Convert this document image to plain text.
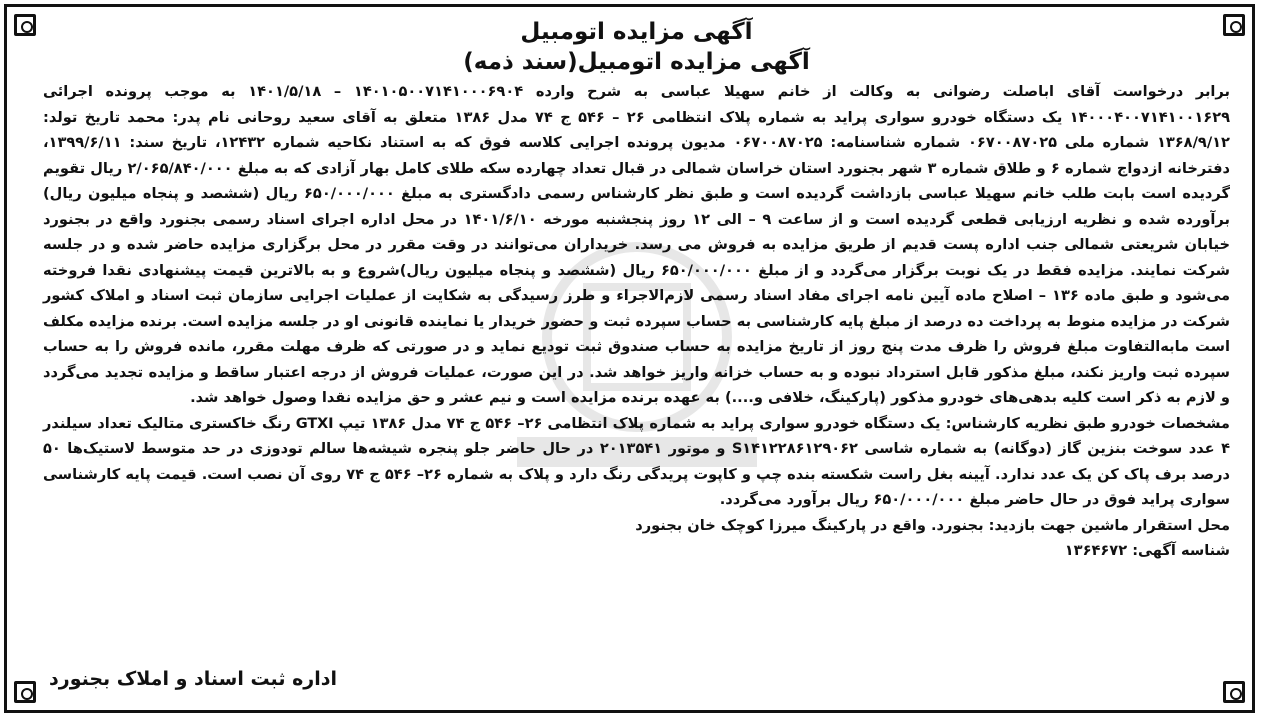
آگهی مزایده اتومبیل
آگهی مزایده اتومبیل(سند ذمه)

برابر درخواست آقای اباصلت رضوانی به وکالت از خانم سهیلا عباسی به شرح وارده ۱۴۰۱۰۵۰۰۷۱۴۱۰۰۰۶۹۰۴ – ۱۴۰۱/۵/۱۸ به موجب پرونده اجرائی ۱۴۰۰۰۴۰۰۷۱۴۱۰۰۱۶۲۹ یک دستگاه خودرو سواری پراید به شماره پلاک انتظامی ۲۶ – ۵۴۶ ج ۷۴ مدل ۱۳۸۶ متعلق به آقای سعید روحانی نام پدر: محمد تاریخ تولد: ۱۳۶۸/۹/۱۲ شماره ملی ۰۶۷۰۰۸۷۰۲۵ شماره شناسنامه: ۰۶۷۰۰۸۷۰۲۵ مدیون پرونده اجرایی کلاسه فوق که به استناد نکاحیه شماره ۱۲۴۳۲، تاریخ سند: ۱۳۹۹/۶/۱۱، دفترخانه ازدواج شماره ۶ و طلاق شماره ۳ شهر بجنورد استان خراسان شمالی در قبال تعداد چهارده سکه طلای کامل بهار آزادی که به مبلغ ۲/۰۶۵/۸۴۰/۰۰۰ ریال تقویم گردیده است بابت طلب خانم سهیلا عباسی بازداشت گردیده است و طبق نظر کارشناس رسمی دادگستری به مبلغ ۶۵۰/۰۰۰/۰۰۰ ریال (ششصد و پنجاه میلیون ریال) برآورده شده و نظریه ارزیابی قطعی گردیده است و از ساعت ۹ – الی ۱۲ روز پنجشنبه مورخه ۱۴۰۱/۶/۱۰ در محل اداره اجرای اسناد رسمی بجنورد واقع در بجنورد خیابان شریعتی شمالی جنب اداره پست قدیم از طریق مزایده به فروش می رسد. خریداران می‌توانند در وقت مقرر در محل برگزاری مزایده حاضر شده و در جلسه شرکت نمایند. مزایده فقط در یک نوبت برگزار می‌گردد و از مبلغ ۶۵۰/۰۰۰/۰۰۰ ریال (ششصد و پنجاه میلیون ریال)شروع و به بالاترین قیمت پیشنهادی نقدا فروخته می‌شود و طبق ماده ۱۳۶ – اصلاح ماده آیین نامه اجرای مفاد اسناد رسمی لازم‌الاجراء و طرز رسیدگی به شکایت از عملیات اجرایی سازمان ثبت اسناد و املاک کشور شرکت در مزایده منوط به پرداخت ده درصد از مبلغ پایه کارشناسی به حساب سپرده ثبت و حضور خریدار یا نماینده قانونی او در جلسه مزایده است. برنده مزایده مکلف است مابه‌التفاوت مبلغ فروش را ظرف مدت پنج روز از تاریخ مزایده به حساب صندوق ثبت تودیع نماید و در صورتی که ظرف مهلت مقرر، مانده فروش را به حساب سپرده ثبت واریز نکند، مبلغ مذکور قابل استرداد نبوده و به حساب خزانه واریز خواهد شد. در این صورت، عملیات فروش از درجه اعتبار ساقط و مزایده تجدید می‌گردد و لازم به ذکر است کلیه بدهی‌های خودرو مذکور (پارکینگ، خلافی و....) به عهده برنده مزایده است و نیم عشر و حق مزایده نقدا وصول خواهد شد.

مشخصات خودرو طبق نظریه کارشناس: یک دستگاه خودرو سواری پراید به شماره پلاک انتظامی ۲۶– ۵۴۶ ج ۷۴ مدل ۱۳۸۶ تیپ GTXI رنگ خاکستری متالیک تعداد سیلندر ۴ عدد سوخت بنزین گاز (دوگانه) به شماره شاسی S۱۴۱۲۲۸۶۱۲۹۰۶۲ و موتور ۲۰۱۳۵۴۱ در حال حاضر جلو پنجره شیشه‌ها سالم تودوزی در حد متوسط لاستیک‌ها ۵۰ درصد برف پاک کن یک عدد ندارد. آیینه بغل راست شکسته بنده چپ و کاپوت پریدگی رنگ دارد و پلاک به شماره ۲۶– ۵۴۶ ج ۷۴ روی آن نصب است. قیمت پایه کارشناسی سواری پراید فوق در حال حاضر مبلغ ۶۵۰/۰۰۰/۰۰۰ ریال برآورد می‌گردد.

محل استقرار ماشین جهت بازدید: بجنورد. واقع در پارکینگ میرزا کوچک خان بجنورد

شناسه آگهی: ۱۳۶۴۶۷۲

اداره ثبت اسناد و املاک بجنورد
